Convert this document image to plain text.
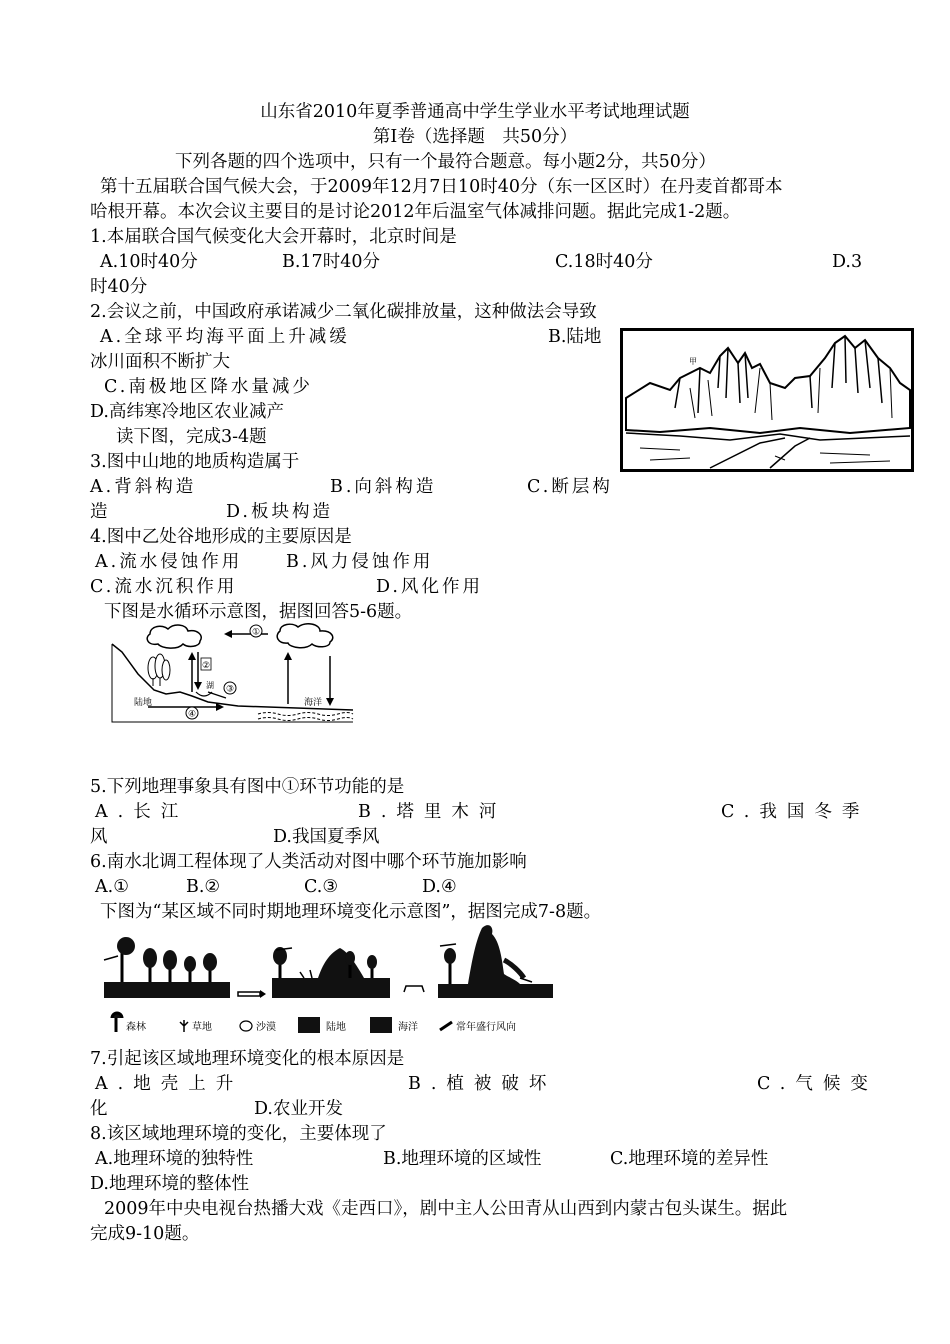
山东省2010年夏季普通高中学生学业水平考试地理试题
第Ⅰ卷（选择题　共50分）
下列各题的四个选项中，只有一个最符合题意。每小题2分，共50分）
第十五届联合国气候大会，于2009年12月7日10时40分（东一区区时）在丹麦首都哥本
哈根开幕。本次会议主要目的是讨论2012年后温室气体减排问题。据此完成1-2题。
1.本届联合国气候变化大会开幕时，北京时间是
A.10时40分	B.17时40分	C.18时40分	D.3
时40分
2.会议之前，中国政府承诺减少二氧化碳排放量，这种做法会导致
A.全球平均海平面上升减缓	B.陆地
冰川面积不断扩大
C.南极地区降水量减少
D.高纬寒冷地区农业减产
甲
读下图，完成3-4题
3.图中山地的地质构造属于
A.背斜构造	B.向斜构造	C.断层构
造	D.板块构造
4.图中乙处谷地形成的主要原因是
A.流水侵蚀作用	B.风力侵蚀作用
C.流水沉积作用	D.风化作用
下图是水循环示意图，据图回答5-6题。
①
②
湖 ③
④
陆地	海洋
5.下列地理事象具有图中①环节功能的是
A.长江	B.塔里木河	C.我国冬季
风	D.我国夏季风
6.南水北调工程体现了人类活动对图中哪个环节施加影响
A.①	B.②	C.③	D.④
下图为“某区域不同时期地理环境变化示意图”，据图完成7-8题。
森林	草地	沙漠	陆地	海洋	常年盛行风向
7.引起该区域地理环境变化的根本原因是
A.地壳上升	B.植被破坏	C.气候变
化	D.农业开发
8.该区域地理环境的变化，主要体现了
A.地理环境的独特性	B.地理环境的区域性	C.地理环境的差异性
D.地理环境的整体性
2009年中央电视台热播大戏《走西口》，剧中主人公田青从山西到内蒙古包头谋生。据此
完成9-10题。
